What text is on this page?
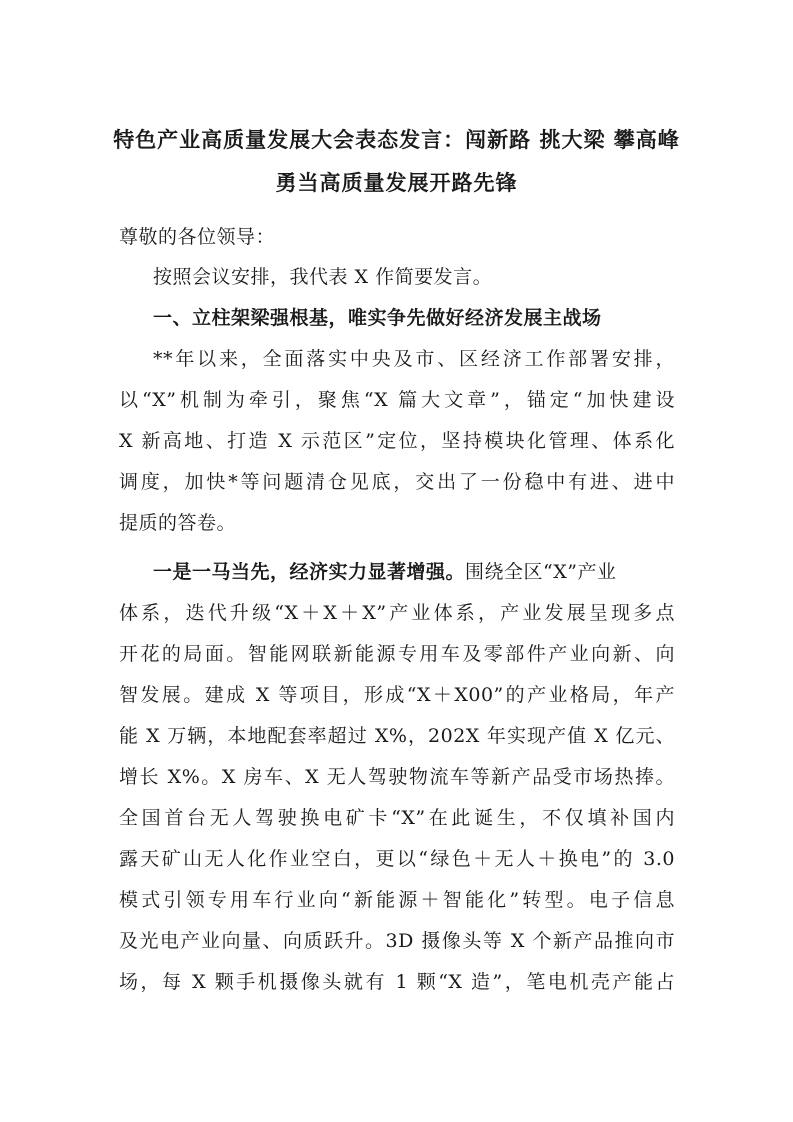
特色产业高质量发展大会表态发言：闯新路 挑大梁 攀高峰
勇当高质量发展开路先锋
尊敬的各位领导：
按照会议安排，我代表 X 作简要发言。
一、立柱架梁强根基，唯实争先做好经济发展主战场
**年以来，全面落实中央及市、区经济工作部署安排，
以“X”机制为牵引，聚焦“X 篇大文章”，锚定“加快建设
X 新高地、打造 X 示范区”定位，坚持模块化管理、体系化
调度，加快*等问题清仓见底，交出了一份稳中有进、进中
提质的答卷。
一是一马当先，经济实力显著增强。围绕全区“X”产业
体系，迭代升级“X＋X＋X”产业体系，产业发展呈现多点
开花的局面。智能网联新能源专用车及零部件产业向新、向
智发展。建成 X 等项目，形成“X＋X00”的产业格局，年产
能 X 万辆，本地配套率超过 X%，202X 年实现产值 X 亿元、
增长 X%。X 房车、X 无人驾驶物流车等新产品受市场热捧。
全国首台无人驾驶换电矿卡“X”在此诞生，不仅填补国内
露天矿山无人化作业空白，更以“绿色＋无人＋换电”的 3.0
模式引领专用车行业向“新能源＋智能化”转型。电子信息
及光电产业向量、向质跃升。3D 摄像头等 X 个新产品推向市
场，每 X 颗手机摄像头就有 1 颗“X 造”，笔电机壳产能占
